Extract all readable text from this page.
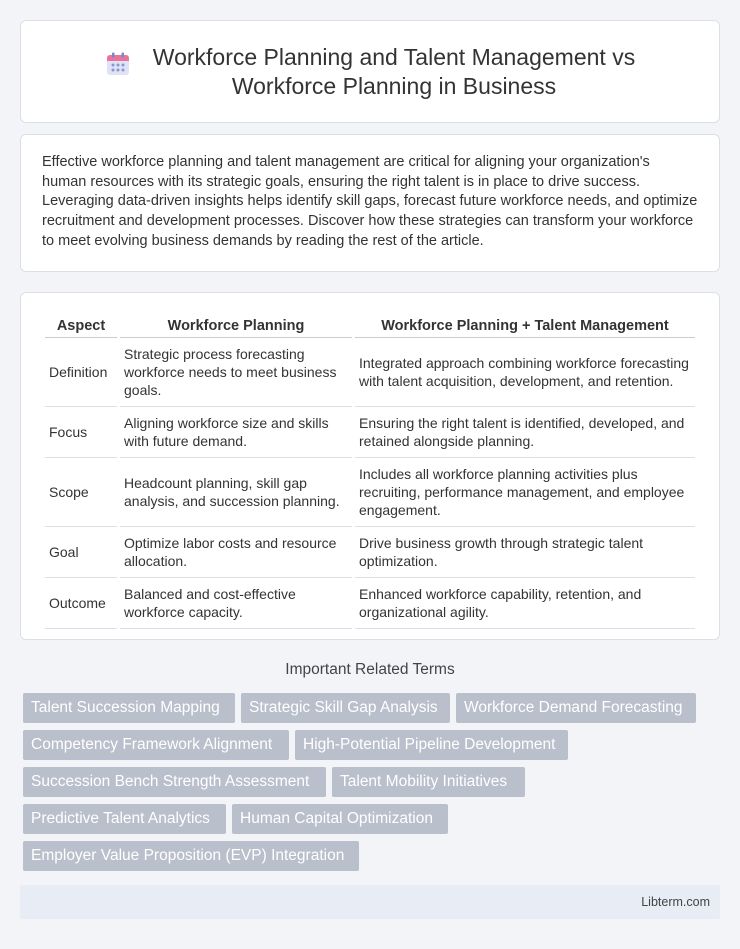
Workforce Planning and Talent Management vs
Workforce Planning in Business

Effective workforce planning and talent management are critical for aligning your organization's human resources with its strategic goals, ensuring the right talent is in place to drive success. Leveraging data-driven insights helps identify skill gaps, forecast future workforce needs, and optimize recruitment and development processes. Discover how these strategies can transform your workforce to meet evolving business demands by reading the rest of the article.

Aspect	Workforce Planning	Workforce Planning + Talent Management
Definition	Strategic process forecasting workforce needs to meet business goals.	Integrated approach combining workforce forecasting with talent acquisition, development, and retention.
Focus	Aligning workforce size and skills with future demand.	Ensuring the right talent is identified, developed, and retained alongside planning.
Scope	Headcount planning, skill gap analysis, and succession planning.	Includes all workforce planning activities plus recruiting, performance management, and employee engagement.
Goal	Optimize labor costs and resource allocation.	Drive business growth through strategic talent optimization.
Outcome	Balanced and cost-effective workforce capacity.	Enhanced workforce capability, retention, and organizational agility.
Important Related Terms
Talent Succession Mapping	Strategic Skill Gap Analysis	Workforce Demand Forecasting
Competency Framework Alignment	High-Potential Pipeline Development
Succession Bench Strength Assessment	Talent Mobility Initiatives
Predictive Talent Analytics	Human Capital Optimization
Employer Value Proposition (EVP) Integration
Libterm.com
